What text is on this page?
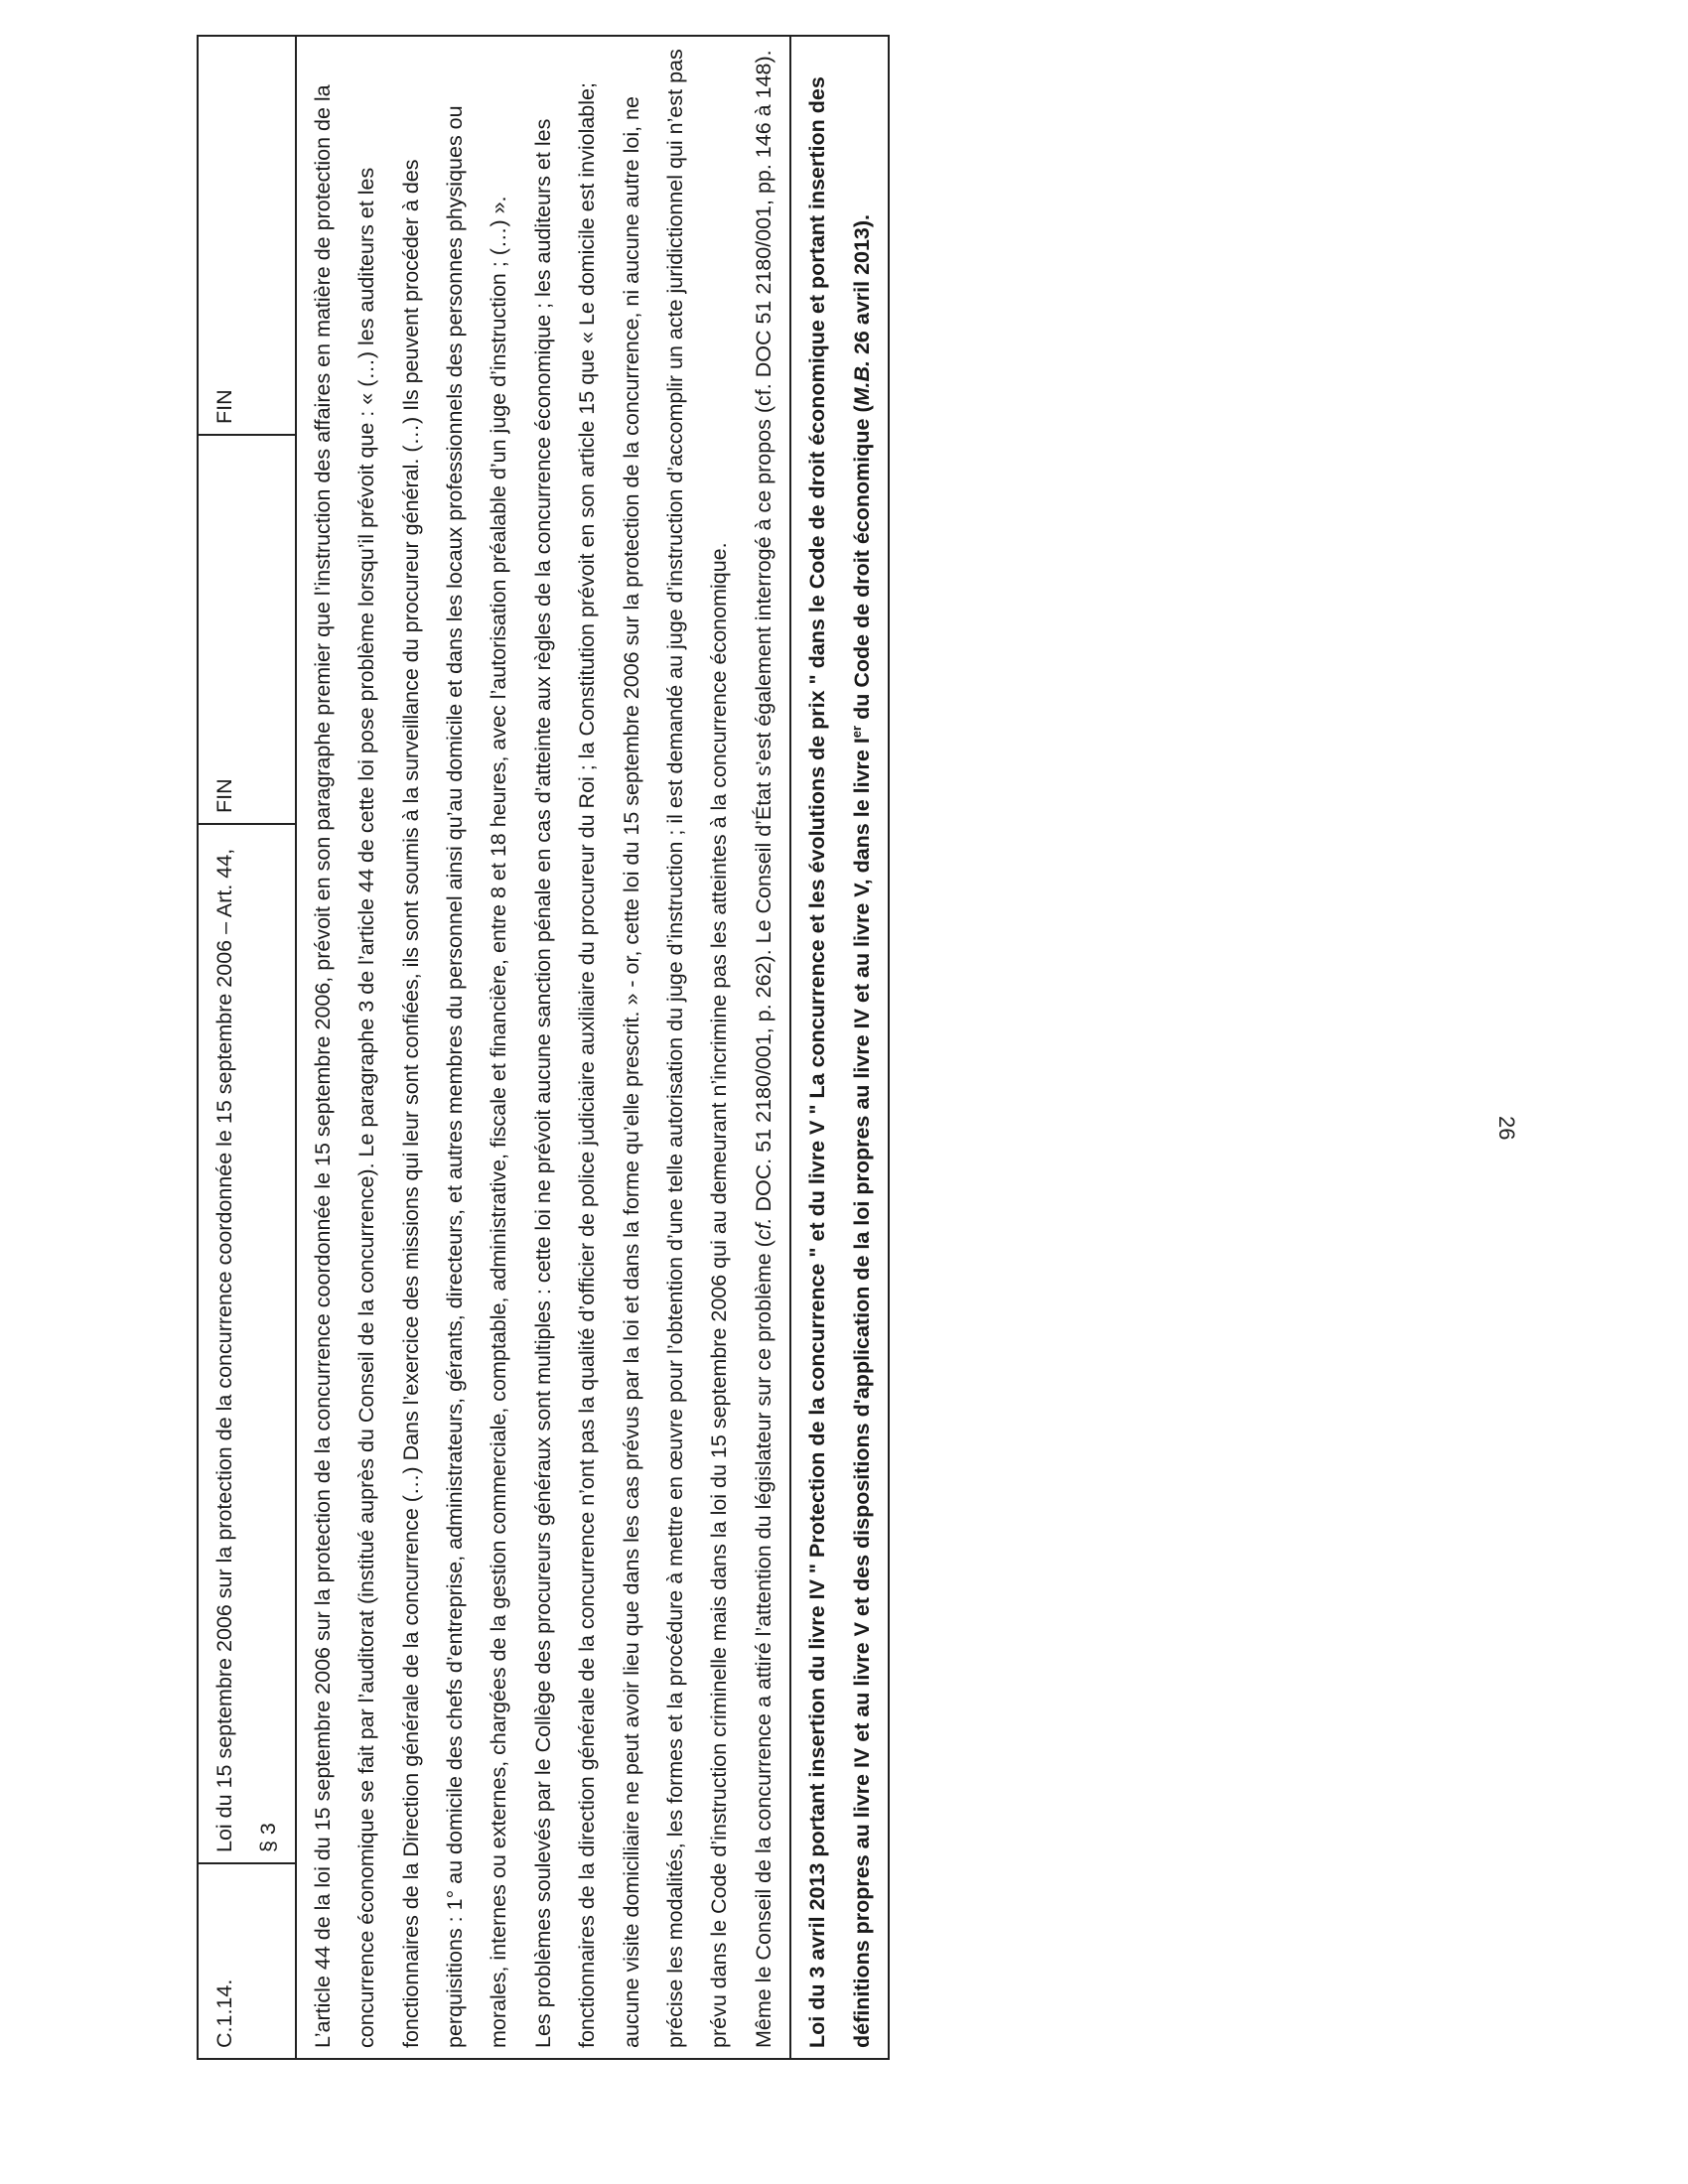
26
C.1.14.	Loi du 15 septembre 2006 sur la protection de la concurrence coordonnée le 15 septembre 2006 – Art. 44, § 3	FIN	FIN

L’article 44 de la loi du 15 septembre 2006 sur la protection de la concurrence coordonnée le 15 septembre 2006, prévoit en son paragraphe premier que l’instruction des affaires en matière de protection de la concurrence économique se fait par l’auditorat (institué auprès du Conseil de la concurrence). Le paragraphe 3 de l’article 44 de cette loi pose problème lorsqu’il prévoit que : « (…) les auditeurs et les fonctionnaires de la Direction générale de la concurrence (…) Dans l’exercice des missions qui leur sont confiées, ils sont soumis à la surveillance du procureur général. (…) Ils peuvent procéder à des perquisitions : 1° au domicile des chefs d’entreprise, administrateurs, gérants, directeurs, et autres membres du personnel ainsi qu’au domicile et dans les locaux professionnels des personnes physiques ou morales, internes ou externes, chargées de la gestion commerciale, comptable, administrative, fiscale et financière, entre 8 et 18 heures, avec l’autorisation préalable d’un juge d’instruction ; (…) ». Les problèmes soulevés par le Collège des procureurs généraux sont multiples : cette loi ne prévoit aucune sanction pénale en cas d’atteinte aux règles de la concurrence économique ; les auditeurs et les fonctionnaires de la direction générale de la concurrence n’ont pas la qualité d’officier de police judiciaire auxiliaire du procureur du Roi ; la Constitution prévoit en son article 15 que « Le domicile est inviolable; aucune visite domiciliaire ne peut avoir lieu que dans les cas prévus par la loi et dans la forme qu’elle prescrit. » - or, cette loi du 15 septembre 2006 sur la protection de la concurrence, ni aucune autre loi, ne précise les modalités, les formes et la procédure à mettre en œuvre pour l’obtention d’une telle autorisation du juge d’instruction ; il est demandé au juge d’instruction d’accomplir un acte juridictionnel qui n’est pas prévu dans le Code d’instruction criminelle mais dans la loi du 15 septembre 2006 qui au demeurant n’incrimine pas les atteintes à la concurrence économique. Même le Conseil de la concurrence a attiré l’attention du législateur sur ce problème (cf. DOC. 51 2180/001, p. 262). Le Conseil d’État s’est également interrogé à ce propos (cf. DOC 51 2180/001, pp. 146 à 148).

Loi du 3 avril 2013 portant insertion du livre IV " Protection de la concurrence " et du livre V " La concurrence et les évolutions de prix " dans le Code de droit économique et portant insertion des définitions propres au livre IV et au livre V et des dispositions d'application de la loi propres au livre IV et au livre V, dans le livre Ier du Code de droit économique (M.B. 26 avril 2013).
